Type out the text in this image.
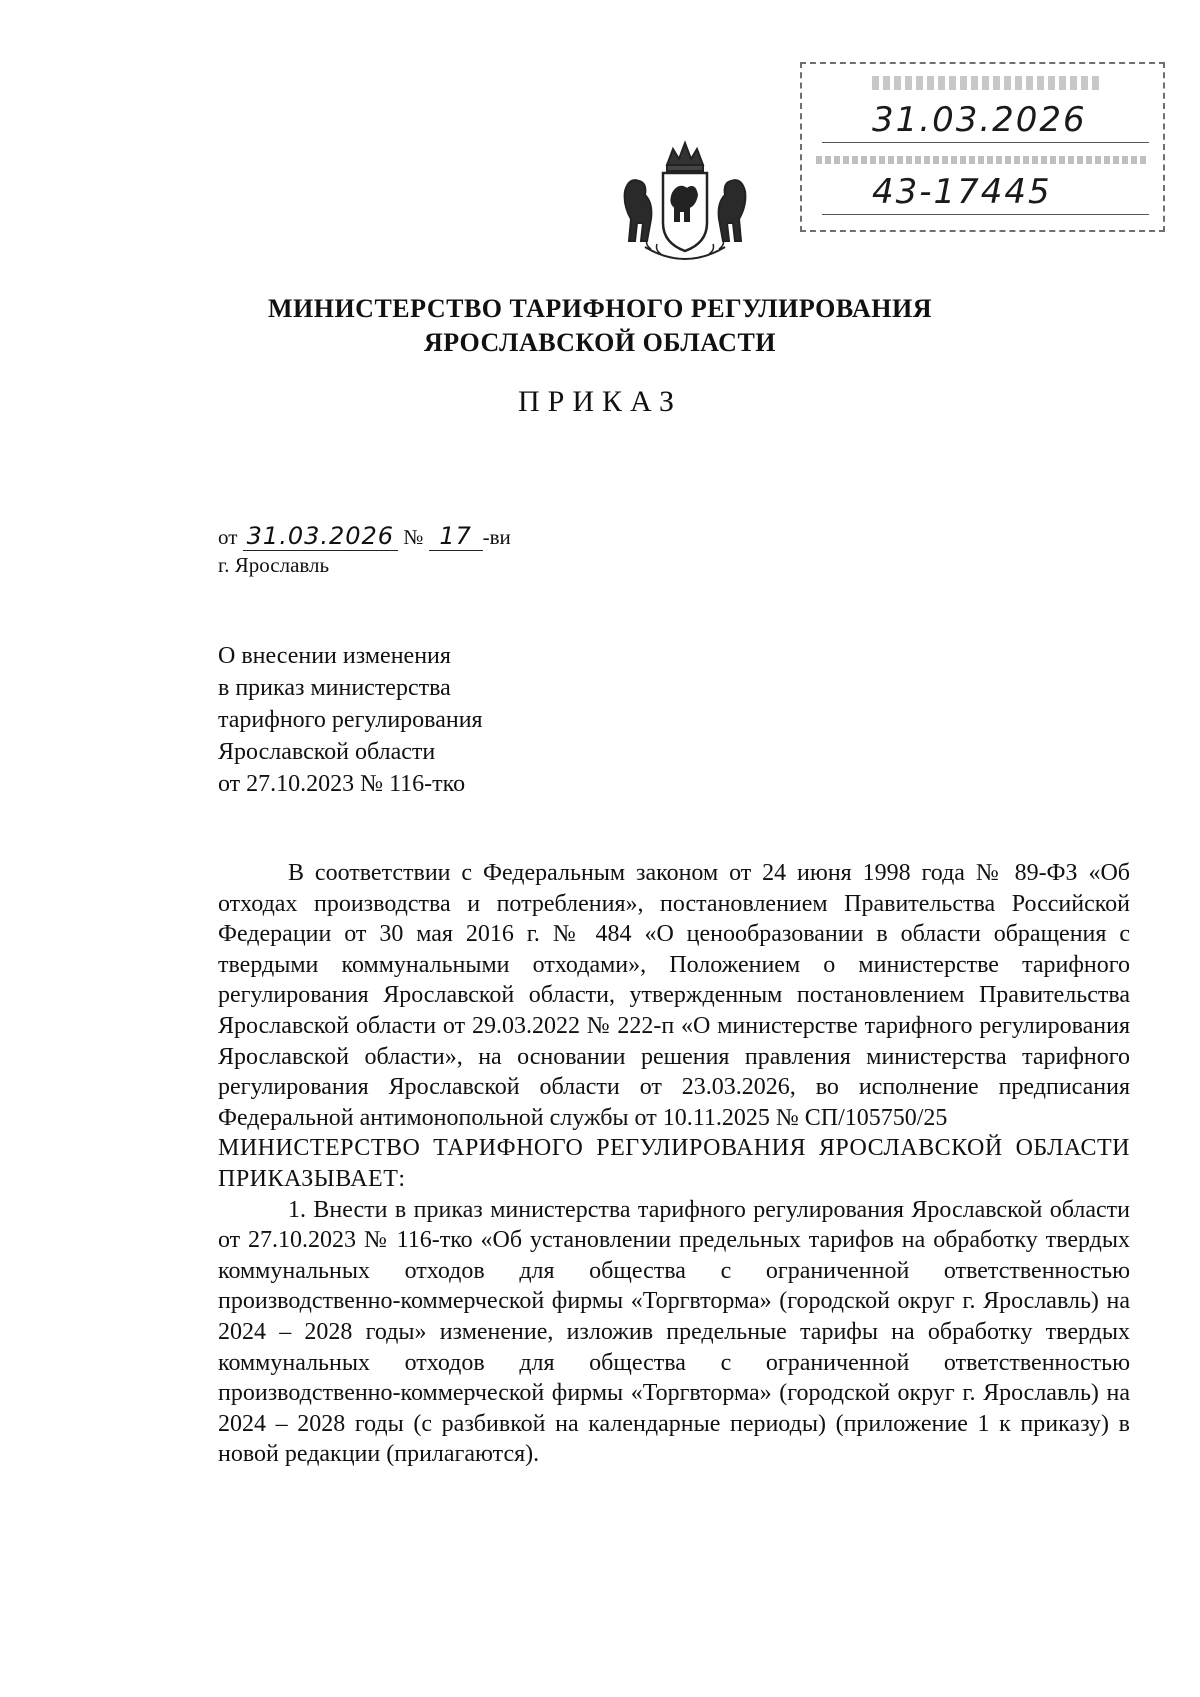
31.03.2026
43-17445
МИНИСТЕРСТВО ТАРИФНОГО РЕГУЛИРОВАНИЯ
ЯРОСЛАВСКОЙ ОБЛАСТИ
ПРИКАЗ
от 31.03.2026 № 17 -ви
г. Ярославль
О внесении изменения
в приказ министерства
тарифного регулирования
Ярославской области
от 27.10.2023 № 116-тко

В соответствии с Федеральным законом от 24 июня 1998 года № 89-ФЗ «Об отходах производства и потребления», постановлением Правительства Российской Федерации от 30 мая 2016 г. № 484 «О ценообразовании в области обращения с твердыми коммунальными отходами», Положением о министерстве тарифного регулирования Ярославской области, утвержденным постановлением Правительства Ярославской области от 29.03.2022 № 222-п «О министерстве тарифного регулирования Ярославской области», на основании решения правления министерства тарифного регулирования Ярославской области от 23.03.2026, во исполнение предписания Федеральной антимонопольной службы от 10.11.2025 № СП/105750/25

МИНИСТЕРСТВО ТАРИФНОГО РЕГУЛИРОВАНИЯ ЯРОСЛАВСКОЙ ОБЛАСТИ ПРИКАЗЫВАЕТ:

1. Внести в приказ министерства тарифного регулирования Ярославской области от 27.10.2023 № 116-тко «Об установлении предельных тарифов на обработку твердых коммунальных отходов для общества с ограниченной ответственностью производственно-коммерческой фирмы «Торгвторма» (городской округ г. Ярославль) на 2024 – 2028 годы» изменение, изложив предельные тарифы на обработку твердых коммунальных отходов для общества с ограниченной ответственностью производственно-коммерческой фирмы «Торгвторма» (городской округ г. Ярославль) на 2024 – 2028 годы (с разбивкой на календарные периоды) (приложение 1 к приказу) в новой редакции (прилагаются).
